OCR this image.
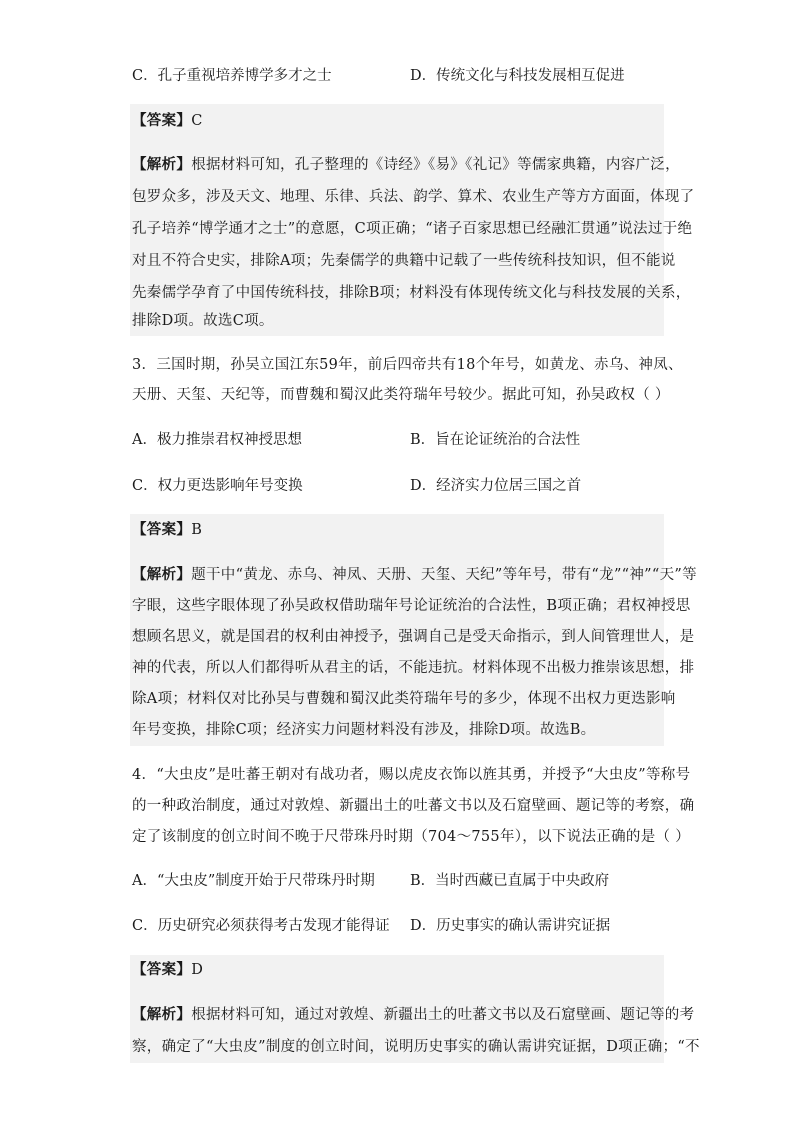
C．孔子重视培养博学多才之士	D．传统文化与科技发展相互促进
【答案】C
【解析】根据材料可知，孔子整理的《诗经》《易》《礼记》等儒家典籍，内容广泛，
包罗众多，涉及天文、地理、乐律、兵法、韵学、算术、农业生产等方方面面，体现了
孔子培养“博学通才之士”的意愿，C项正确；“诸子百家思想已经融汇贯通”说法过于绝
对且不符合史实，排除A项；先秦儒学的典籍中记载了一些传统科技知识，但不能说
先秦儒学孕育了中国传统科技，排除B项；材料没有体现传统文化与科技发展的关系，
排除D项。故选C项。
3．三国时期，孙吴立国江东59年，前后四帝共有18个年号，如黄龙、赤乌、神凤、
天册、天玺、天纪等，而曹魏和蜀汉此类符瑞年号较少。据此可知，孙吴政权（ ）
A．极力推崇君权神授思想	B．旨在论证统治的合法性
C．权力更迭影响年号变换	D．经济实力位居三国之首
【答案】B
【解析】题干中“黄龙、赤乌、神凤、天册、天玺、天纪”等年号，带有“龙”“神”“天”等
字眼，这些字眼体现了孙吴政权借助瑞年号论证统治的合法性，B项正确；君权神授思
想顾名思义，就是国君的权利由神授予，强调自己是受天命指示，到人间管理世人，是
神的代表，所以人们都得听从君主的话，不能违抗。材料体现不出极力推崇该思想，排
除A项；材料仅对比孙吴与曹魏和蜀汉此类符瑞年号的多少，体现不出权力更迭影响
年号变换，排除C项；经济实力问题材料没有涉及，排除D项。故选B。
4．“大虫皮”是吐蕃王朝对有战功者，赐以虎皮衣饰以旌其勇，并授予“大虫皮”等称号
的一种政治制度，通过对敦煌、新疆出土的吐蕃文书以及石窟壁画、题记等的考察，确
定了该制度的创立时间不晚于尺带珠丹时期（704～755年），以下说法正确的是（ ）
A．“大虫皮”制度开始于尺带珠丹时期 B．当时西藏已直属于中央政府
C．历史研究必须获得考古发现才能得证 D．历史事实的确认需讲究证据
【答案】D
【解析】根据材料可知，通过对敦煌、新疆出土的吐蕃文书以及石窟壁画、题记等的考
察，确定了“大虫皮”制度的创立时间，说明历史事实的确认需讲究证据，D项正确；“不
